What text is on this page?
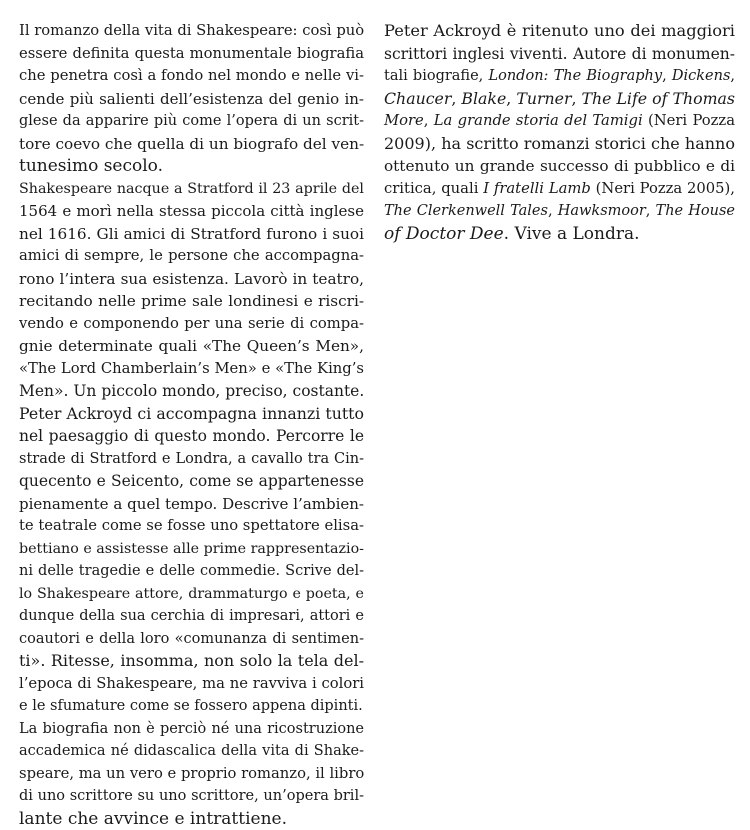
Il romanzo della vita di Shakespeare: così può
essere definita questa monumentale biografia
che penetra così a fondo nel mondo e nelle vi-
cende più salienti dell’esistenza del genio in-
glese da apparire più come l’opera di un scrit-
tore coevo che quella di un biografo del ven-
tunesimo secolo.
Shakespeare nacque a Stratford il 23 aprile del
1564 e morì nella stessa piccola città inglese
nel 1616. Gli amici di Stratford furono i suoi
amici di sempre, le persone che accompagna-
rono l’intera sua esistenza. Lavorò in teatro,
recitando nelle prime sale londinesi e riscri-
vendo e componendo per una serie di compa-
gnie determinate quali «The Queen’s Men»,
«The Lord Chamberlain’s Men» e «The King’s
Men». Un piccolo mondo, preciso, costante.
Peter Ackroyd ci accompagna innanzi tutto
nel paesaggio di questo mondo. Percorre le
strade di Stratford e Londra, a cavallo tra Cin-
quecento e Seicento, come se appartenesse
pienamente a quel tempo. Descrive l’ambien-
te teatrale come se fosse uno spettatore elisa-
bettiano e assistesse alle prime rappresentazio-
ni delle tragedie e delle commedie. Scrive del-
lo Shakespeare attore, drammaturgo e poeta, e
dunque della sua cerchia di impresari, attori e
coautori e della loro «comunanza di sentimen-
ti». Ritesse, insomma, non solo la tela del-
l’epoca di Shakespeare, ma ne ravviva i colori
e le sfumature come se fossero appena dipinti.
La biografia non è perciò né una ricostruzione
accademica né didascalica della vita di Shake-
speare, ma un vero e proprio romanzo, il libro
di uno scrittore su uno scrittore, un’opera bril-
lante che avvince e intrattiene.
Peter Ackroyd è ritenuto uno dei maggiori
scrittori inglesi viventi. Autore di monumen-
tali biografie, London: The Biography, Dickens,
Chaucer, Blake, Turner, The Life of Thomas
More, La grande storia del Tamigi (Neri Pozza
2009), ha scritto romanzi storici che hanno
ottenuto un grande successo di pubblico e di
critica, quali I fratelli Lamb (Neri Pozza 2005),
The Clerkenwell Tales, Hawksmoor, The House
of Doctor Dee. Vive a Londra.
